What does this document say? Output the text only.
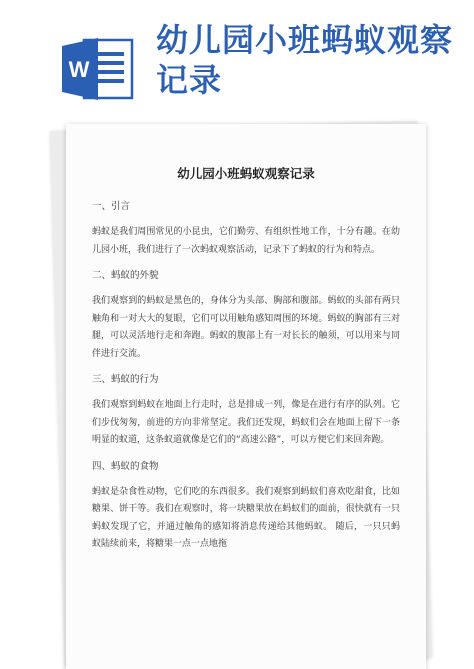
W
幼儿园小班蚂蚁观察记录
幼儿园小班蚂蚁观察记录
一、引言
蚂蚁是我们周围常见的小昆虫，它们勤劳、有组织性地工作，十分有趣。在幼儿园小班，我们进行了一次蚂蚁观察活动，记录下了蚂蚁的行为和特点。
二、蚂蚁的外貌
我们观察到的蚂蚁是黑色的，身体分为头部、胸部和腹部。蚂蚁的头部有两只触角和一对大大的复眼，它们可以用触角感知周围的环境。蚂蚁的胸部有三对腿，可以灵活地行走和奔跑。蚂蚁的腹部上有一对长长的触须，可以用来与同伴进行交流。
三、蚂蚁的行为
我们观察到蚂蚁在地面上行走时，总是排成一列，像是在进行有序的队列。它们步伐匆匆，前进的方向非常坚定。我们还发现，蚂蚁们会在地面上留下一条明显的蚁道，这条蚁道就像是它们的“高速公路”，可以方便它们来回奔跑。
四、蚂蚁的食物
蚂蚁是杂食性动物，它们吃的东西很多。我们观察到蚂蚁们喜欢吃甜食，比如糖果、饼干等。我们在观察时，将一块糖果放在蚂蚁们的面前，很快就有一只蚂蚁发现了它，并通过触角的感知将消息传递给其他蚂蚁。 随后，一只只蚂蚁陆续前来，将糖果一点一点地拖
